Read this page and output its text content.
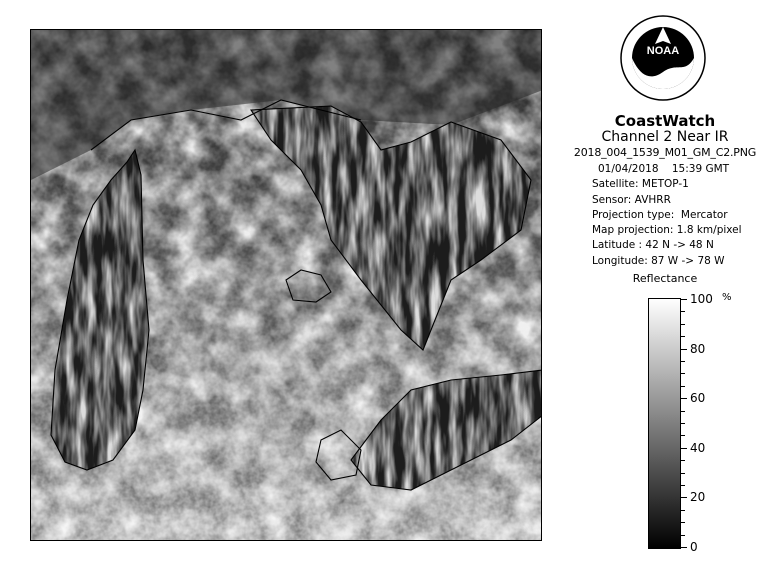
NOAA
CoastWatch
Channel 2 Near IR
2018_004_1539_M01_GM_C2.PNG
01/04/2018    15:39 GMT
Satellite: METOP-1
Sensor: AVHRR
Projection type:  Mercator
Map projection: 1.8 km/pixel
Latitude : 42 N -> 48 N
Longitude: 87 W -> 78 W
Reflectance
%
100
80
60
40
20
0
